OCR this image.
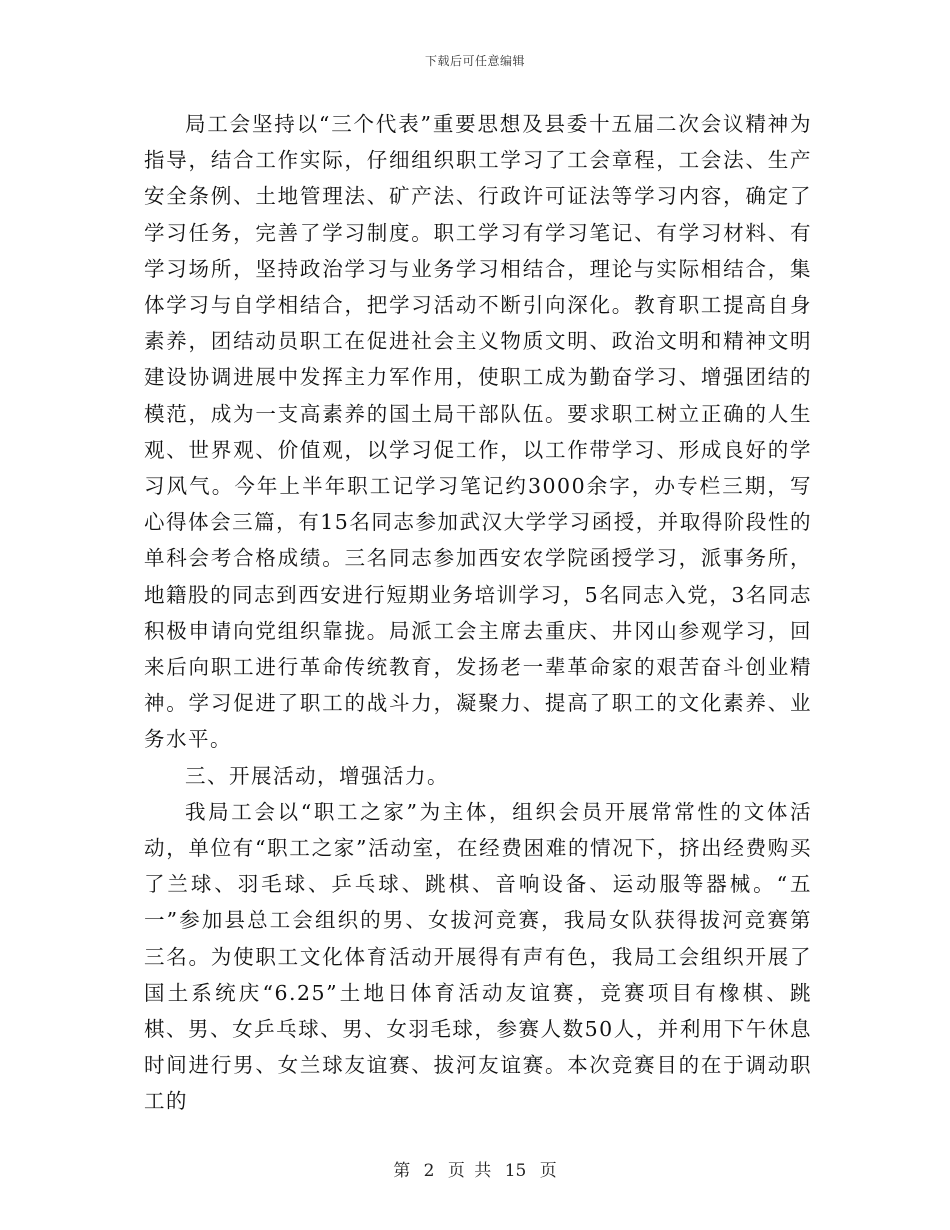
下载后可任意编辑

局工会坚持以“三个代表”重要思想及县委十五届二次会议精神为指导，结合工作实际，仔细组织职工学习了工会章程，工会法、生产安全条例、土地管理法、矿产法、行政许可证法等学习内容，确定了学习任务，完善了学习制度。职工学习有学习笔记、有学习材料、有学习场所，坚持政治学习与业务学习相结合，理论与实际相结合，集体学习与自学相结合，把学习活动不断引向深化。教育职工提高自身素养，团结动员职工在促进社会主义物质文明、政治文明和精神文明建设协调进展中发挥主力军作用，使职工成为勤奋学习、增强团结的模范，成为一支高素养的国土局干部队伍。要求职工树立正确的人生观、世界观、价值观，以学习促工作，以工作带学习、形成良好的学习风气。今年上半年职工记学习笔记约3000余字，办专栏三期，写心得体会三篇，有15名同志参加武汉大学学习函授，并取得阶段性的单科会考合格成绩。三名同志参加西安农学院函授学习，派事务所，地籍股的同志到西安进行短期业务培训学习，5名同志入党，3名同志积极申请向党组织靠拢。局派工会主席去重庆、井冈山参观学习，回来后向职工进行革命传统教育，发扬老一辈革命家的艰苦奋斗创业精神。学习促进了职工的战斗力，凝聚力、提高了职工的文化素养、业务水平。

三、开展活动，增强活力。

我局工会以“职工之家”为主体，组织会员开展常常性的文体活动，单位有“职工之家”活动室，在经费困难的情况下，挤出经费购买了兰球、羽毛球、乒乓球、跳棋、音响设备、运动服等器械。“五一”参加县总工会组织的男、女拔河竞赛，我局女队获得拔河竞赛第三名。为使职工文化体育活动开展得有声有色，我局工会组织开展了国土系统庆“6.25”土地日体育活动友谊赛，竞赛项目有橡棋、跳棋、男、女乒乓球、男、女羽毛球，参赛人数50人，并利用下午休息时间进行男、女兰球友谊赛、拔河友谊赛。本次竞赛目的在于调动职工的

第 2 页 共 15 页
